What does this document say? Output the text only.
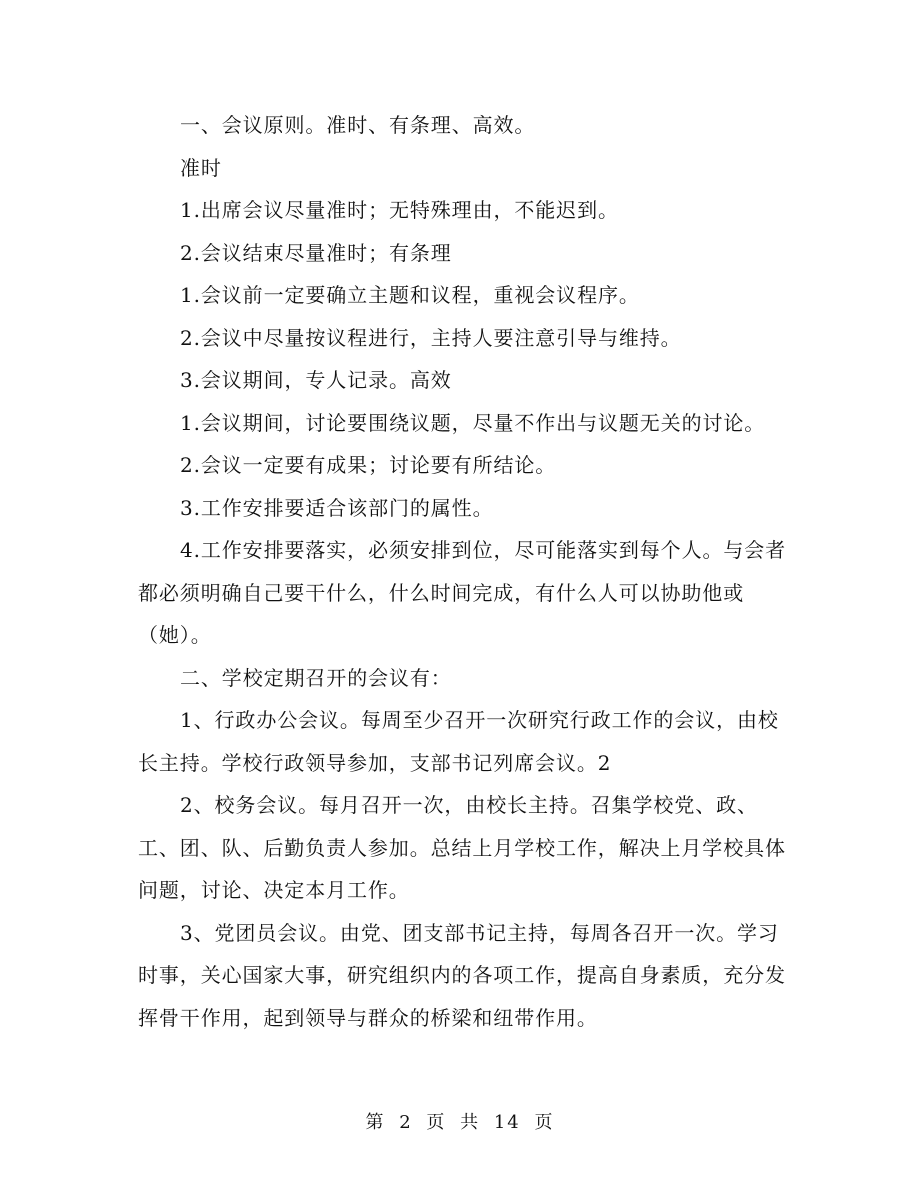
一、会议原则。准时、有条理、高效。

准时

1.出席会议尽量准时；无特殊理由，不能迟到。

2.会议结束尽量准时；有条理

1.会议前一定要确立主题和议程，重视会议程序。

2.会议中尽量按议程进行，主持人要注意引导与维持。

3.会议期间，专人记录。高效

1.会议期间，讨论要围绕议题，尽量不作出与议题无关的讨论。

2.会议一定要有成果；讨论要有所结论。

3.工作安排要适合该部门的属性。

4.工作安排要落实，必须安排到位，尽可能落实到每个人。与会者都必须明确自己要干什么，什么时间完成，有什么人可以协助他或（她）。

二、学校定期召开的会议有：

1、行政办公会议。每周至少召开一次研究行政工作的会议，由校长主持。学校行政领导参加，支部书记列席会议。2

2、校务会议。每月召开一次，由校长主持。召集学校党、政、工、团、队、后勤负责人参加。总结上月学校工作，解决上月学校具体问题，讨论、决定本月工作。

3、党团员会议。由党、团支部书记主持，每周各召开一次。学习时事，关心国家大事，研究组织内的各项工作，提高自身素质，充分发挥骨干作用，起到领导与群众的桥梁和纽带作用。

第 2 页 共 14 页
